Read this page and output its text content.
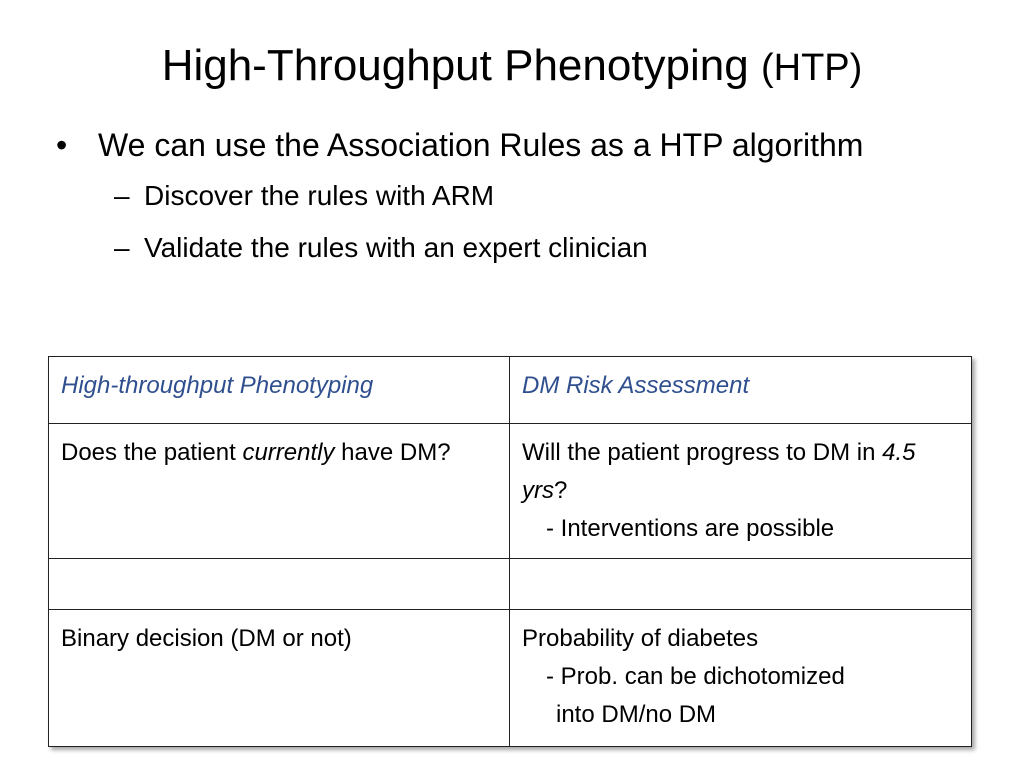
High-Throughput Phenotyping (HTP)
• We can use the Association Rules as a HTP algorithm
– Discover the rules with ARM
– Validate the rules with an expert clinician
High-throughput Phenotyping	DM Risk Assessment
Does the patient currently have DM?	Will the patient progress to DM in 4.5 yrs?
- Interventions are possible

Binary decision (DM or not)	Probability of diabetes
- Prob. can be dichotomized
into DM/no DM
